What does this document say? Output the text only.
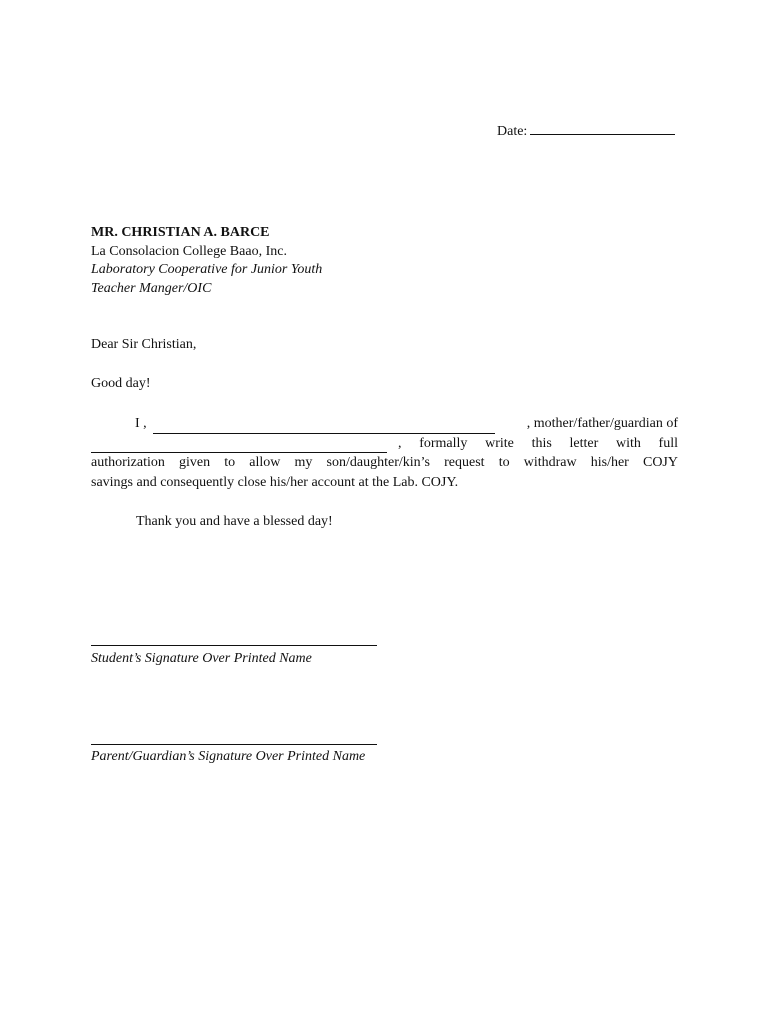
Date:
MR. CHRISTIAN A. BARCE
La Consolacion College Baao, Inc.
Laboratory Cooperative for Junior Youth
Teacher Manger/OIC
Dear Sir Christian,
Good day!
I ,	, mother/father/guardian of
, formally write this letter with full
authorization given to allow my son/daughter/kin’s request to withdraw his/her COJY
savings and consequently close his/her account at the Lab. COJY.
Thank you and have a blessed day!
Student’s Signature Over Printed Name
Parent/Guardian’s Signature Over Printed Name
